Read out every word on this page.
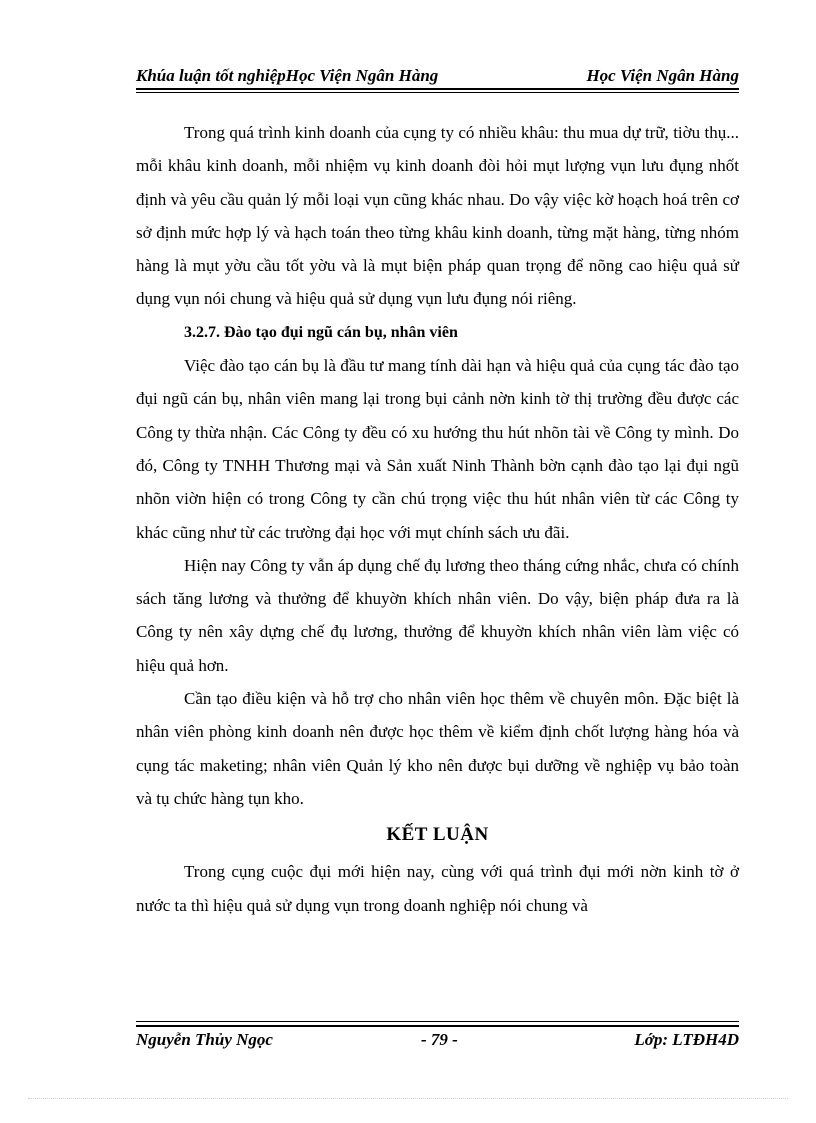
Khúa luận tốt nghiệpHọc Viện Ngân Hàng	Học Viện Ngân Hàng

Trong quá trình kinh doanh của cụng ty có nhiều khâu: thu mua dự trữ, tiờu thụ... mỗi khâu kinh doanh, mỗi nhiệm vụ kinh doanh đòi hỏi mụt lượng vụn lưu đụng nhốt định và yêu cầu quản lý mỗi loại vụn cũng khác nhau. Do vậy việc kờ hoạch hoá trên cơ sở định mức hợp lý và hạch toán theo từng khâu kinh doanh, từng mặt hàng, từng nhóm hàng là mụt yờu cầu tốt yờu và là mụt biện pháp quan trọng để nõng cao hiệu quả sử dụng vụn nói chung và hiệu quả sử dụng vụn lưu đụng nói riêng.

3.2.7. Đào tạo đụi ngũ cán bụ, nhân viên

Việc đào tạo cán bụ là đầu tư mang tính dài hạn và hiệu quả của cụng tác đào tạo đụi ngũ cán bụ, nhân viên mang lại trong bụi cảnh nờn kinh tờ thị trường đều được các Công ty thừa nhận. Các Công ty đều có xu hướng thu hút nhõn tài về Công ty mình. Do đó, Công ty TNHH Thương mại và Sản xuất Ninh Thành bờn cạnh đào tạo lại đụi ngũ nhõn viờn hiện có trong Công ty cần chú trọng việc thu hút nhân viên từ các Công ty khác cũng như từ các trường đại học với mụt chính sách ưu đãi.

Hiện nay Công ty vẫn áp dụng chế đụ lương theo tháng cứng nhắc, chưa có chính sách tăng lương và thưởng để khuyờn khích nhân viên. Do vậy, biện pháp đưa ra là Công ty nên xây dựng chế đụ lương, thưởng để khuyờn khích nhân viên làm việc có hiệu quả hơn.

Cần tạo điều kiện và hỗ trợ cho nhân viên học thêm về chuyên môn. Đặc biệt là nhân viên phòng kinh doanh nên được học thêm về kiểm định chốt lượng hàng hóa và cụng tác maketing; nhân viên Quản lý kho nên được bụi dưỡng về nghiệp vụ bảo toàn và tụ chức hàng tụn kho.

KẾT LUẬN

Trong cụng cuộc đụi mới hiện nay, cùng với quá trình đụi mới nờn kinh tờ ở nước ta thì hiệu quả sử dụng vụn trong doanh nghiệp nói chung và

Nguyễn Thủy Ngọc	- 79 -	Lớp: LTĐH4D
